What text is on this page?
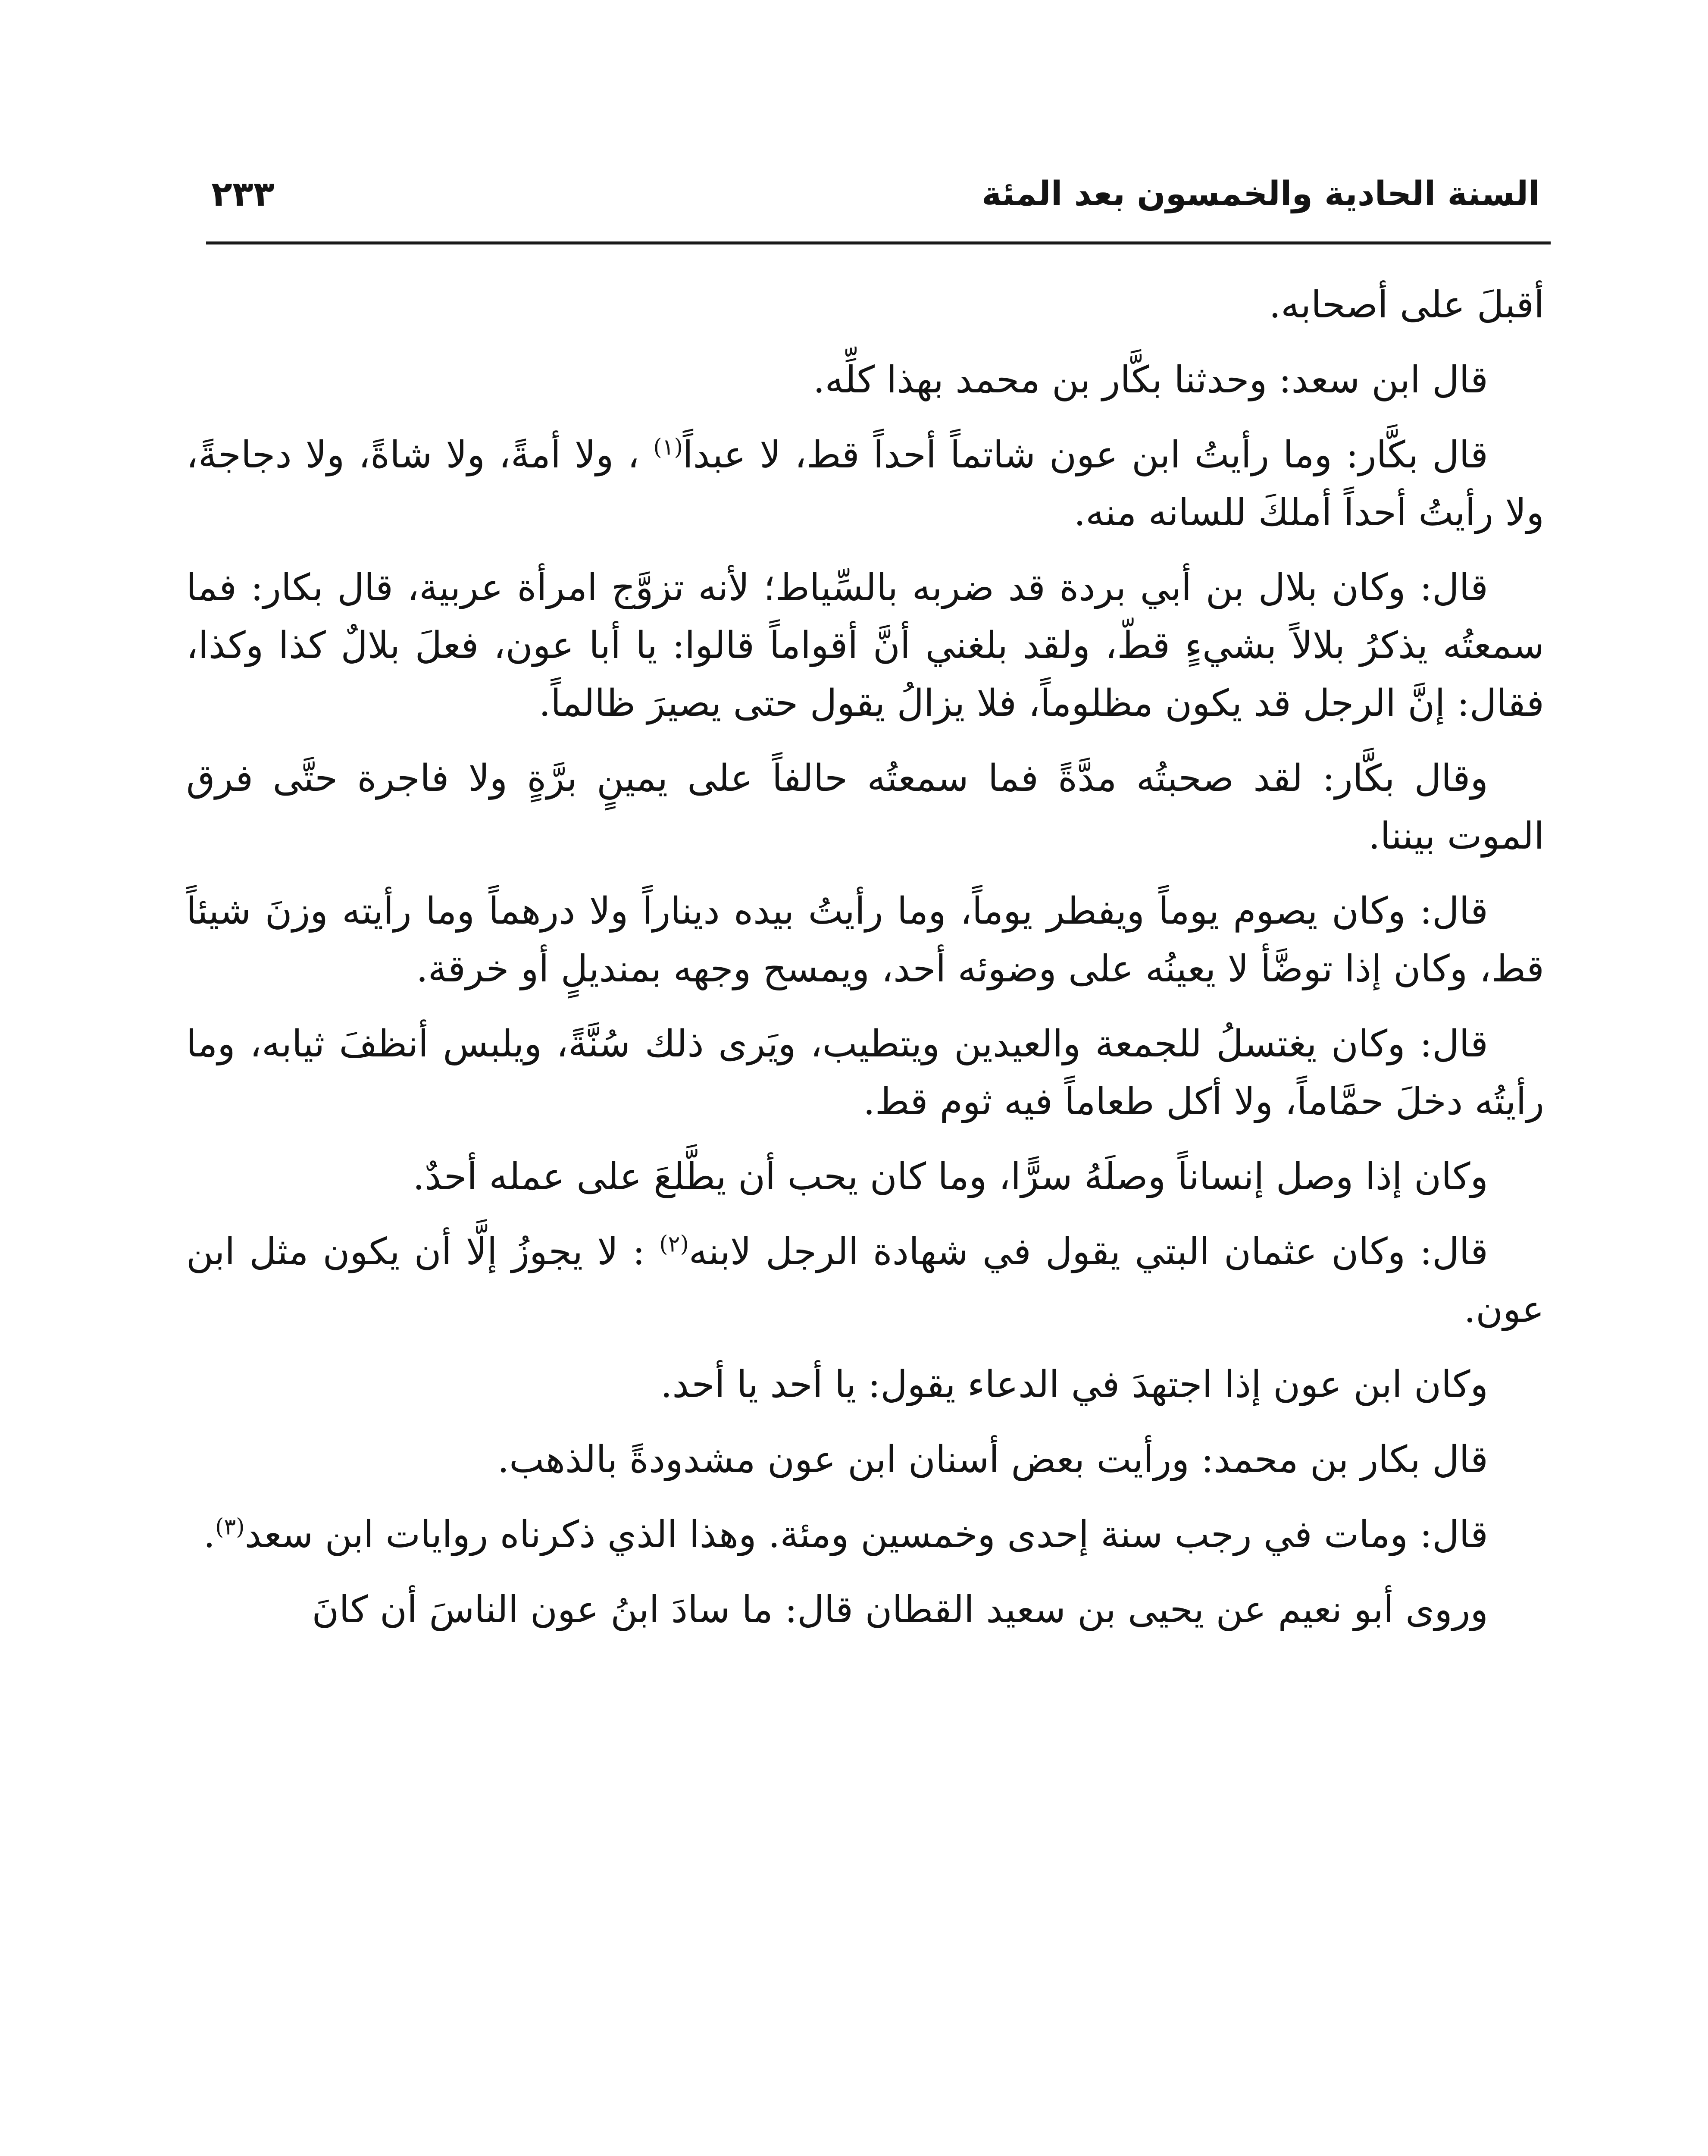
السنة الحادية والخمسون بعد المئة
٢٣٣

أقبلَ على أصحابه.

قال ابن سعد: وحدثنا بكَّار بن محمد بهذا كلِّه.

قال بكَّار: وما رأيتُ ابن عون شاتماً أحداً قط، لا عبداً$^{(١)}$ ، ولا أمةً، ولا شاةً، ولا دجاجةً، ولا رأيتُ أحداً أملكَ للسانه منه.

قال: وكان بلال بن أبي بردة قد ضربه بالسِّياط؛ لأنه تزوَّج امرأة عربية، قال بكار: فما سمعتُه يذكرُ بلالاً بشيءٍ قطّ، ولقد بلغني أنَّ أقواماً قالوا: يا أبا عون، فعلَ بلالٌ كذا وكذا، فقال: إنَّ الرجل قد يكون مظلوماً، فلا يزالُ يقول حتى يصيرَ ظالماً.

وقال بكَّار: لقد صحبتُه مدَّةً فما سمعتُه حالفاً على يمينٍ برَّةٍ ولا فاجرة حتَّى فرق الموت بيننا.

قال: وكان يصوم يوماً ويفطر يوماً، وما رأيتُ بيده ديناراً ولا درهماً وما رأيته وزنَ شيئاً قط، وكان إذا توضَّأ لا يعينُه على وضوئه أحد، ويمسح وجهه بمنديلٍ أو خرقة.

قال: وكان يغتسلُ للجمعة والعيدين ويتطيب، ويَرى ذلك سُنَّةً، ويلبس أنظفَ ثيابه، وما رأيتُه دخلَ حمَّاماً، ولا أكل طعاماً فيه ثوم قط.

وكان إذا وصل إنساناً وصلَهُ سرًّا، وما كان يحب أن يطَّلعَ على عمله أحدٌ.

قال: وكان عثمان البتي يقول في شهادة الرجل لابنه$^{(٢)}$ : لا يجوزُ إلَّا أن يكون مثل ابن عون.

وكان ابن عون إذا اجتهدَ في الدعاء يقول: يا أحد يا أحد.

قال بكار بن محمد: ورأيت بعض أسنان ابن عون مشدودةً بالذهب.

قال: ومات في رجب سنة إحدى وخمسين ومئة. وهذا الذي ذكرناه روايات ابن سعد$^{(٣)}$.

وروى أبو نعيم عن يحيى بن سعيد القطان قال: ما سادَ ابنُ عون الناسَ أن كانَ
